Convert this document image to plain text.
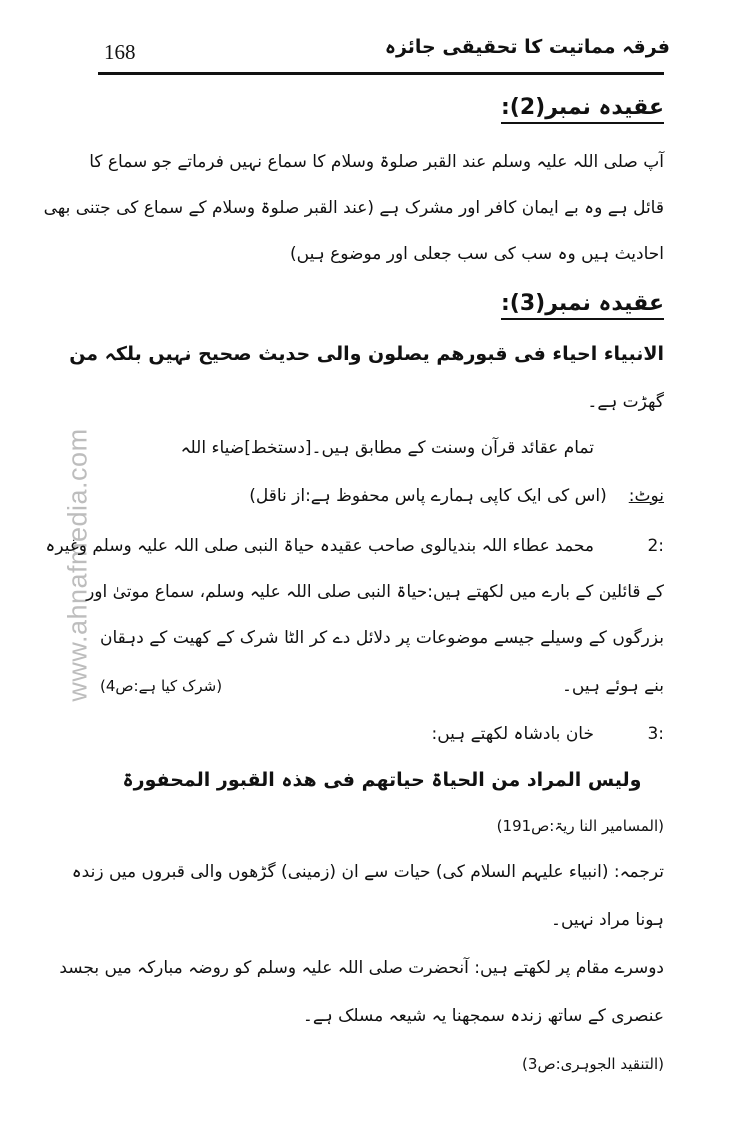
168	فرقہ مماتیت کا تحقیقی جائزہ
www.ahnafmedia.com
عقیدہ نمبر(2):
آپ صلی اللہ علیہ وسلم عند القبر صلوۃ وسلام کا سماع نہیں فرماتے جو سماع کا
قائل ہے وہ بے ایمان کافر اور مشرک ہے (عند القبر صلوۃ وسلام کے سماع کی جتنی بھی
احادیث ہیں وہ سب کی سب جعلی اور موضوع ہیں)
عقیدہ نمبر(3):
الانبیاء احیاء فی قبورھم یصلون والی حدیث صحیح نہیں بلکہ من
گھڑت ہے۔
تمام عقائد قرآن وسنت کے مطابق ہیں۔[دستخط]ضیاء اللہ
نوٹ:(اس کی ایک کاپی ہمارے پاس محفوظ ہے:از ناقل)
2:محمد عطاء اللہ بندیالوی صاحب عقیدہ حیاۃ النبی صلی اللہ علیہ وسلم وغیرہ
کے قائلین کے بارے میں لکھتے ہیں:حیاۃ النبی صلی اللہ علیہ وسلم، سماع موتیٰ اور
بزرگوں کے وسیلے جیسے موضوعات پر دلائل دے کر الٹا شرک کے کھیت کے دہقان
بنے ہوئے ہیں۔
(شرک کیا ہے:ص4)
3:خان بادشاہ لکھتے ہیں:
ولیس المراد من الحیاۃ حیاتھم فی ھذہ القبور المحفورۃ
(المسامیر النا ریۃ:ص191)
ترجمہ: (انبیاء علیہم السلام کی) حیات سے ان (زمینی) گڑھوں والی قبروں میں زندہ
ہونا مراد نہیں۔
دوسرے مقام پر لکھتے ہیں: آنحضرت صلی اللہ علیہ وسلم کو روضہ مبارکہ میں بجسد
عنصری کے ساتھ زندہ سمجھنا یہ شیعہ مسلک ہے۔
(التنقید الجوہری:ص3)
